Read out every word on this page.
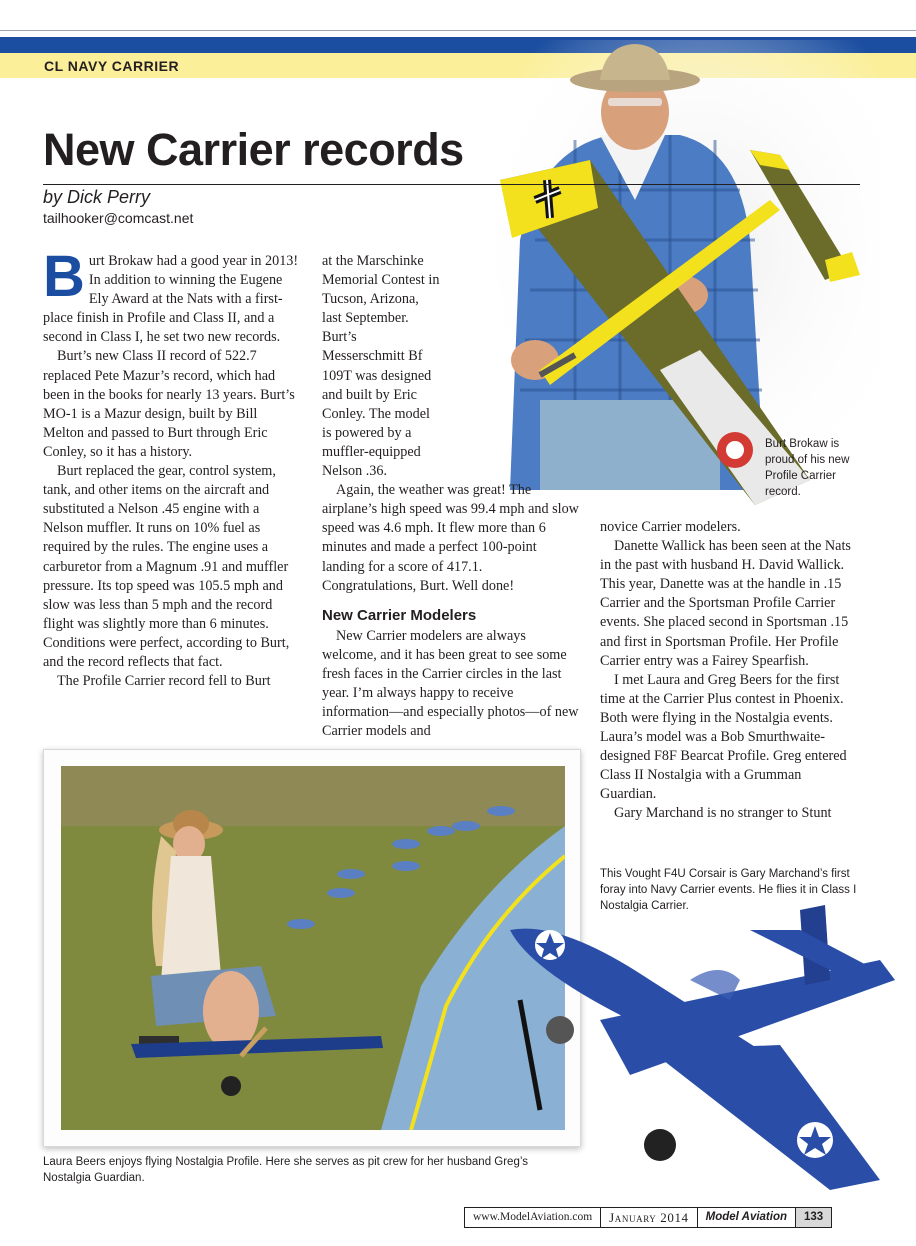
CL NAVY CARRIER
New Carrier records
by Dick Perry
tailhooker@comcast.net

Burt Brokaw had a good year in 2013! In addition to winning the Eugene Ely Award at the Nats with a first-place finish in Profile and Class II, and a second in Class I, he set two new records.

Burt’s new Class II record of 522.7 replaced Pete Mazur’s record, which had been in the books for nearly 13 years. Burt’s MO-1 is a Mazur design, built by Bill Melton and passed to Burt through Eric Conley, so it has a history.

Burt replaced the gear, control system, tank, and other items on the aircraft and substituted a Nelson .45 engine with a Nelson muffler. It runs on 10% fuel as required by the rules. The engine uses a carburetor from a Magnum .91 and muffler pressure. Its top speed was 105.5 mph and slow was less than 5 mph and the record flight was slightly more than 6 minutes. Conditions were perfect, according to Burt, and the record reflects that fact.

The Profile Carrier record fell to Burt

at the Marschinke Memorial Contest in Tucson, Arizona, last September. Burt’s Messerschmitt Bf 109T was designed and built by Eric Conley. The model is powered by a muffler-equipped Nelson .36.

Again, the weather was great! The airplane’s high speed was 99.4 mph and slow speed was 4.6 mph. It flew more than 6 minutes and made a perfect 100-point landing for a score of 417.1. Congratulations, Burt. Well done!

New Carrier Modelers

New Carrier modelers are always welcome, and it has been great to see some fresh faces in the Carrier circles in the last year. I’m always happy to receive information—and especially photos—of new Carrier models and

novice Carrier modelers.

Danette Wallick has been seen at the Nats in the past with husband H. David Wallick. This year, Danette was at the handle in .15 Carrier and the Sportsman Profile Carrier events. She placed second in Sportsman .15 and first in Sportsman Profile. Her Profile Carrier entry was a Fairey Spearfish.

I met Laura and Greg Beers for the first time at the Carrier Plus contest in Phoenix. Both were flying in the Nostalgia events. Laura’s model was a Bob Smurthwaite-designed F8F Bearcat Profile. Greg entered Class II Nostalgia with a Grumman Guardian.

Gary Marchand is no stranger to Stunt

Burt Brokaw is proud of his new Profile Carrier record.
This Vought F4U Corsair is Gary Marchand’s first foray into Navy Carrier events. He flies it in Class I Nostalgia Carrier.
Laura Beers enjoys flying Nostalgia Profile. Here she serves as pit crew for her husband Greg’s Nostalgia Guardian.
www.ModelAviation.com	January 2014	Model Aviation	133
